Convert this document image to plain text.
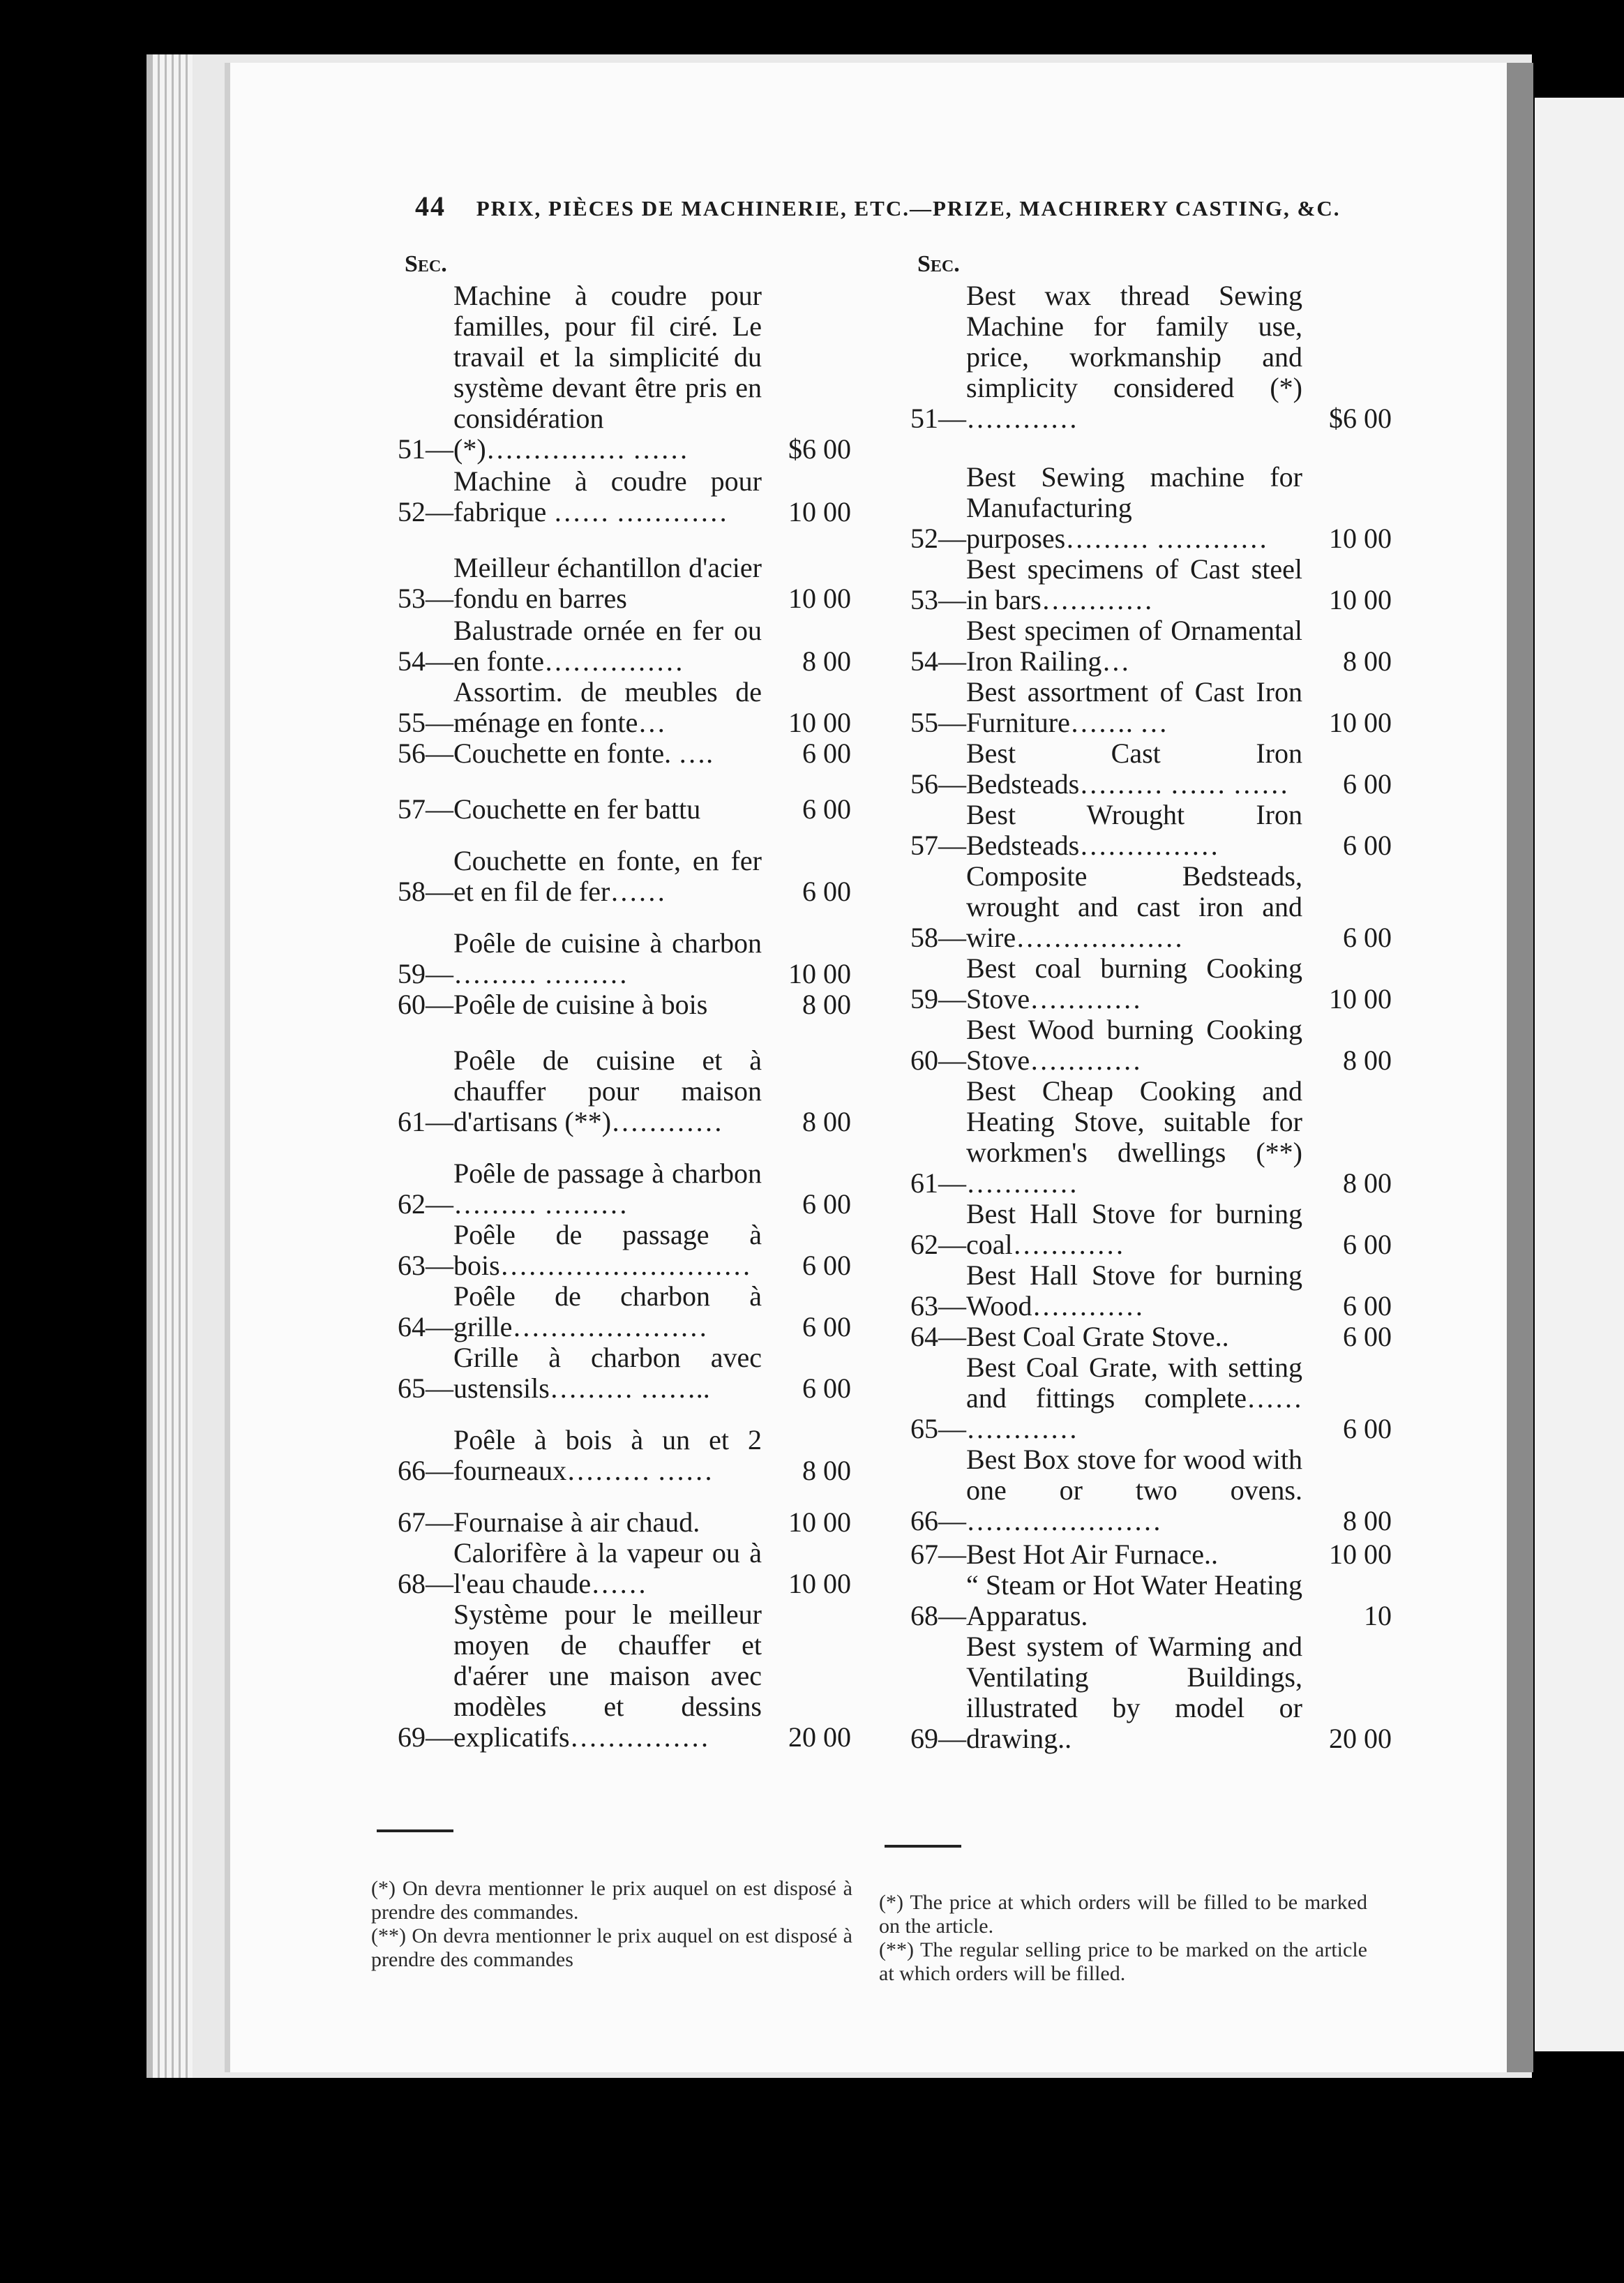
44 PRIX, PIÈCES DE MACHINERIE, ETC.—PRIZE, MACHIRERY CASTING, &C.
Sec.
51—
Machine à coudre pour familles, pour fil ciré. Le travail et la simplicité du système devant être pris en considération (*)…………… ……	$6 00
52—
Machine à coudre pour fabrique …… …………	10 00
53—
Meilleur échantillon d'acier fondu en barres	10 00
54—
Balustrade ornée en fer ou en fonte……………	8 00
55—
Assortim. de meubles de ménage en fonte…	10 00
56— Couchette en fonte. ….	6 00
57— Couchette en fer battu	6 00
58—
Couchette en fonte, en fer et en fil de fer……	6 00
59—
Poêle de cuisine à charbon ……… ………	10 00
60— Poêle de cuisine à bois	8 00
61—
Poêle de cuisine et à chauffer pour maison d'artisans (**)…………	8 00
62—
Poêle de passage à charbon ……… ………	6 00
63—
Poêle de passage à bois………………………	6 00
64—
Poêle de charbon à grille…………………	6 00
65—
Grille à charbon avec ustensils……… ……..	6 00
66—
Poêle à bois à un et 2 fourneaux……… ……	8 00
67— Fournaise à air chaud.	10 00
68—
Calorifère à la vapeur ou à l'eau chaude……	10 00
69—
Système pour le meilleur moyen de chauffer et d'aérer une maison avec modèles et dessins explicatifs……………	20 00
Sec.
51—
Best wax thread Sewing Machine for family use, price, workmanship and simplicity considered (*) …………	$6 00
52—
Best Sewing machine for Manufacturing purposes……… …………	10 00
53—
Best specimens of Cast steel in bars…………	10 00
54—
Best specimen of Ornamental Iron Railing…	8 00
55—
Best assortment of Cast Iron Furniture……. …	10 00
56—
Best Cast Iron Bedsteads……… …… ……	6 00
57—
Best Wrought Iron Bedsteads……………	6 00
58—
Composite Bedsteads, wrought and cast iron and wire………………	6 00
59—
Best coal burning Cooking Stove…………	10 00
60—
Best Wood burning Cooking Stove…………	8 00
61—
Best Cheap Cooking and Heating Stove, suitable for workmen's dwellings (**) …………	8 00
62—
Best Hall Stove for burning coal…………	6 00
63—
Best Hall Stove for burning Wood…………	6 00
64— Best Coal Grate Stove..	6 00
65—
Best Coal Grate, with setting and fittings complete…… …………	6 00
66—
Best Box stove for wood with one or two ovens. …………………	8 00
67— Best Hot Air Furnace..	10 00
68—
“ Steam or Hot Water Heating Apparatus.	10
69—
Best system of Warming and Ventilating Buildings, illustrated by model or drawing..	20 00
(*) On devra mentionner le prix auquel on est disposé à prendre des commandes.
(**) On devra mentionner le prix auquel on est disposé à prendre des commandes
(*) The price at which orders will be filled to be marked on the article.
(**) The regular selling price to be marked on the article at which orders will be filled.
